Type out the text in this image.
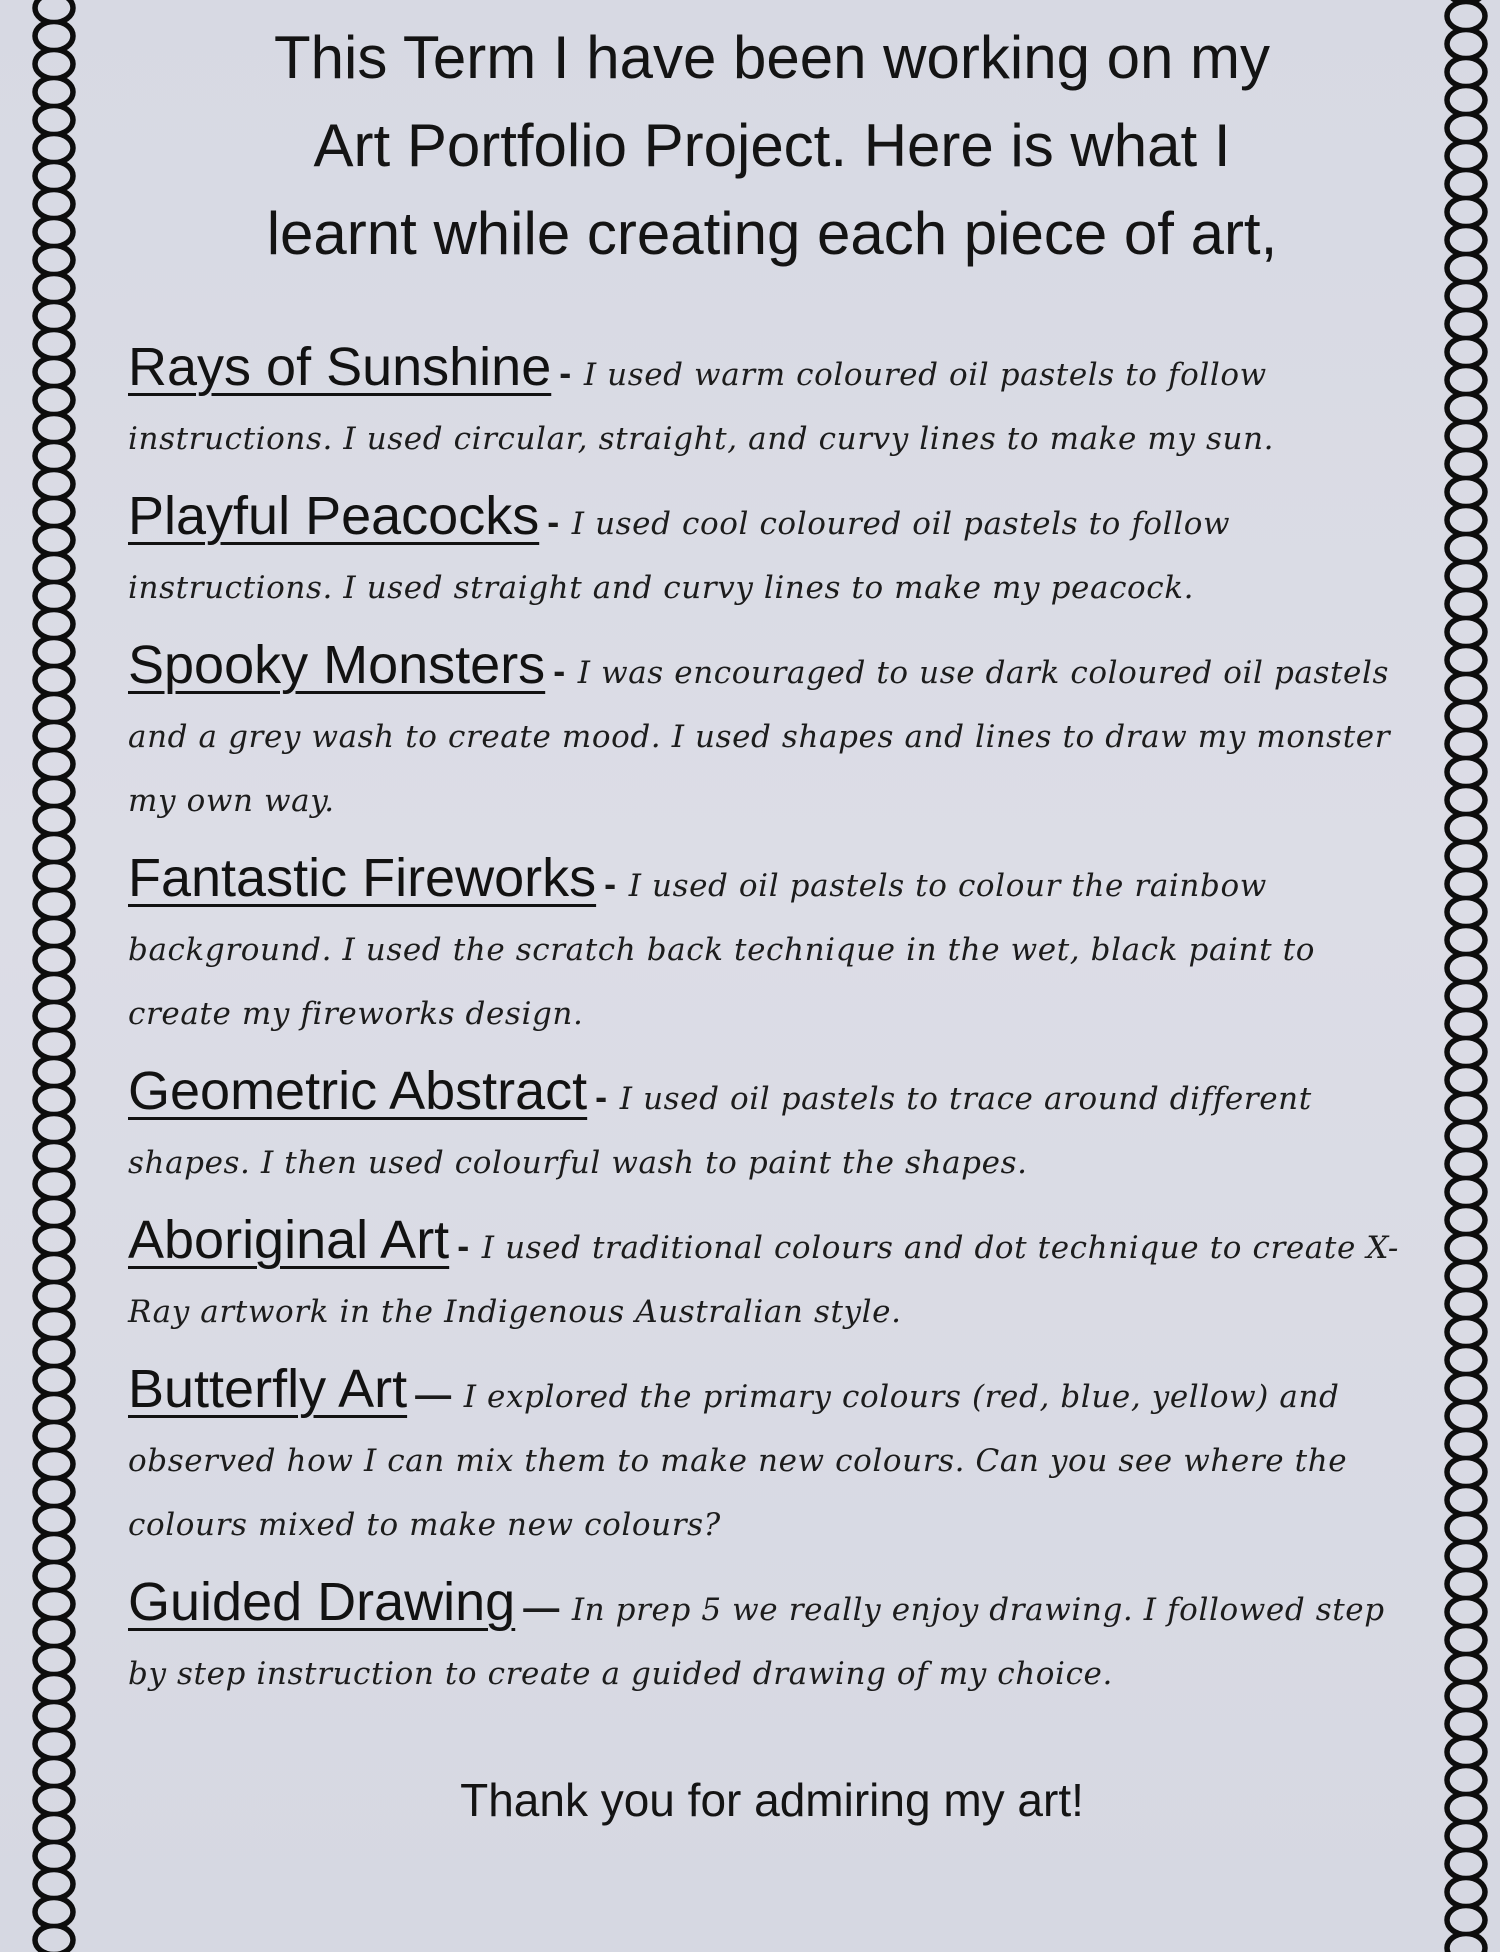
This Term I have been working on my
Art Portfolio Project. Here is what I
learnt while creating each piece of art,

Rays of Sunshine - I used warm coloured oil pastels to follow instructions. I used circular, straight, and curvy lines to make my sun.

Playful Peacocks - I used cool coloured oil pastels to follow instructions. I used straight and curvy lines to make my peacock.

Spooky Monsters - I was encouraged to use dark coloured oil pastels and a grey wash to create mood. I used shapes and lines to draw my monster my own way.

Fantastic Fireworks - I used oil pastels to colour the rainbow background. I used the scratch back technique in the wet, black paint to create my fireworks design.

Geometric Abstract - I used oil pastels to trace around different shapes. I then used colourful wash to paint the shapes.

Aboriginal Art - I used traditional colours and dot technique to create X-Ray artwork in the Indigenous Australian style.

Butterfly Art — I explored the primary colours (red, blue, yellow) and observed how I can mix them to make new colours. Can you see where the colours mixed to make new colours?

Guided Drawing — In prep 5 we really enjoy drawing. I followed step by step instruction to create a guided drawing of my choice.

Thank you for admiring my art!
